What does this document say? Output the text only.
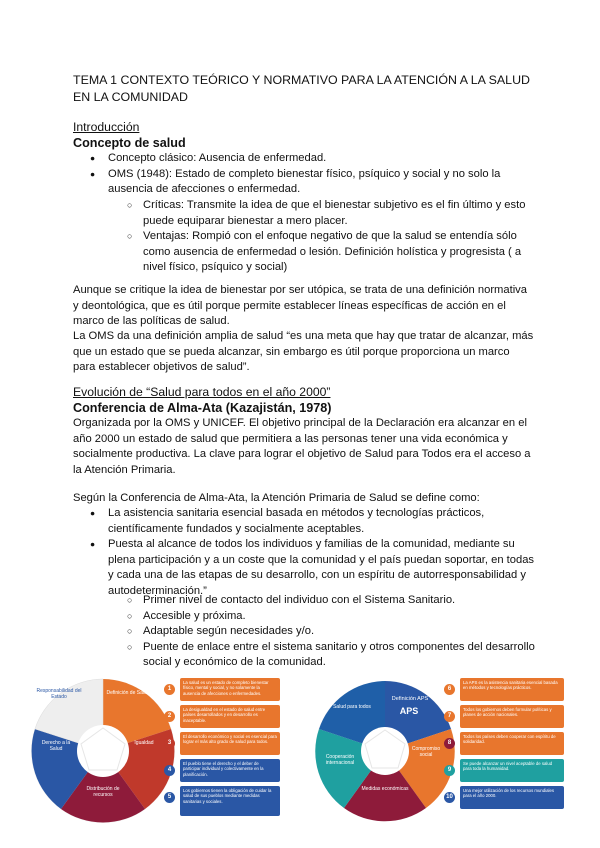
TEMA 1 CONTEXTO TEÓRICO Y NORMATIVO PARA LA ATENCIÓN A LA SALUD EN LA COMUNIDAD
Introducción
Concepto de salud
● Concepto clásico: Ausencia de enfermedad.
● OMS (1948): Estado de completo bienestar físico, psíquico y social y no solo la ausencia de afecciones o enfermedad.
○ Críticas: Transmite la idea de que el bienestar subjetivo es el fin último y esto puede equiparar bienestar a mero placer.
○ Ventajas: Rompió con el enfoque negativo de que la salud se entendía sólo como ausencia de enfermedad o lesión. Definición holística y progresista ( a nivel físico, psíquico y social)
Aunque se critique la idea de bienestar por ser utópica, se trata de una definición normativa y deontológica, que es útil porque permite establecer líneas específicas de acción en el marco de las políticas de salud.
La OMS da una definición amplia de salud “es una meta que hay que tratar de alcanzar, más que un estado que se pueda alcanzar, sin embargo es útil porque proporciona un marco para establecer objetivos de salud”.
Evolución de “Salud para todos en el año 2000”
Conferencia de Alma-Ata (Kazajistán, 1978)
Organizada por la OMS y UNICEF. El objetivo principal de la Declaración era alcanzar en el año 2000 un estado de salud que permitiera a las personas tener una vida económica y socialmente productiva. La clave para lograr el objetivo de Salud para Todos era el acceso a la Atención Primaria.
Según la Conferencia de Alma-Ata, la Atención Primaria de Salud se define como:
● La asistencia sanitaria esencial basada en métodos y tecnologías prácticos, científicamente fundados y socialmente aceptables.
● Puesta al alcance de todos los individuos y familias de la comunidad, mediante su plena participación y a un coste que la comunidad y el país puedan soportar, en todas y cada una de las etapas de su desarrollo, con un espíritu de autorresponsabilidad y autodeterminación.”
○ Primer nivel de contacto del individuo con el Sistema Sanitario.
○ Accesible y próxima.
○ Adaptable según necesidades y/o.
○ Puente de enlace entre el sistema sanitario y otros componentes del desarrollo social y económico de la comunidad.
Responsabilidad del Estado
Definición de Salud
Igualdad
Distribución de recursos
Derecho a la Salud
1
2
3
4
5
La salud es un estado de completo bienestar físico, mental y social, y no solamente la ausencia de afecciones o enfermedades.
La desigualdad en el estado de salud entre países desarrollados y en desarrollo es inaceptable.
El desarrollo económico y social es esencial para lograr el más alto grado de salud para todos.
El pueblo tiene el derecho y el deber de participar individual y colectivamente en la planificación.
Los gobiernos tienen la obligación de cuidar la salud de sus pueblos mediante medidas sanitarias y sociales.
Definición APS
APS
Compromiso social
Medidas económicas
Cooperación internacional
Salud para todos
6
7
8
9
10
La APS es la asistencia sanitaria esencial basada en métodos y tecnologías prácticos.
Todos los gobiernos deben formular políticas y planes de acción nacionales.
Todos los países deben cooperar con espíritu de solidaridad.
Se puede alcanzar un nivel aceptable de salud para toda la humanidad.
Una mejor utilización de los recursos mundiales para el año 2000.
